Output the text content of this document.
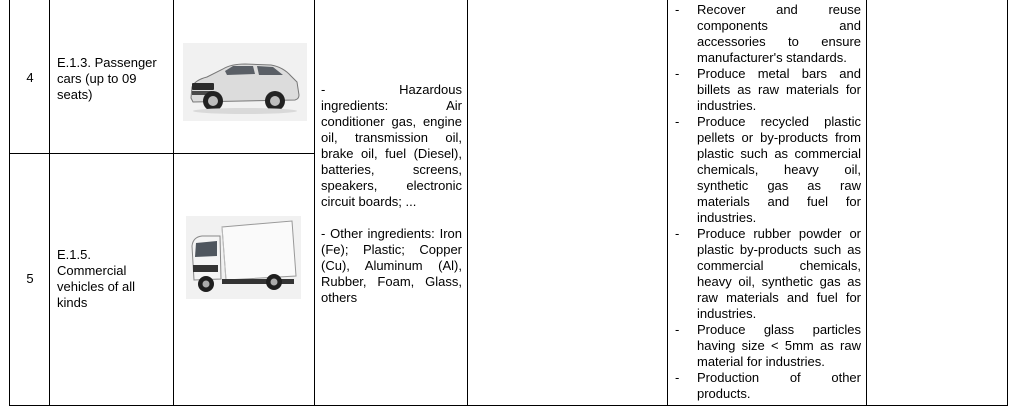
4
E.1.3. Passenger cars (up to 09 seats)
5
E.1.5. Commercial vehicles of all kinds
- Hazardous ingredients: Air conditioner gas, engine oil, transmission oil, brake oil, fuel (Diesel), batteries, screens, speakers, electronic circuit boards; ...
- Other ingredients: Iron (Fe); Plastic; Copper (Cu), Aluminum (Al), Rubber, Foam, Glass, others
- Recover and reuse components and accessories to ensure manufacturer's standards.
- Produce metal bars and billets as raw materials for industries.
- Produce recycled plastic pellets or by-products from plastic such as commercial chemicals, heavy oil, synthetic gas as raw materials and fuel for industries.
- Produce rubber powder or plastic by-products such as commercial chemicals, heavy oil, synthetic gas as raw materials and fuel for industries.
- Produce glass particles having size < 5mm as raw material for industries.
- Production of other products.
